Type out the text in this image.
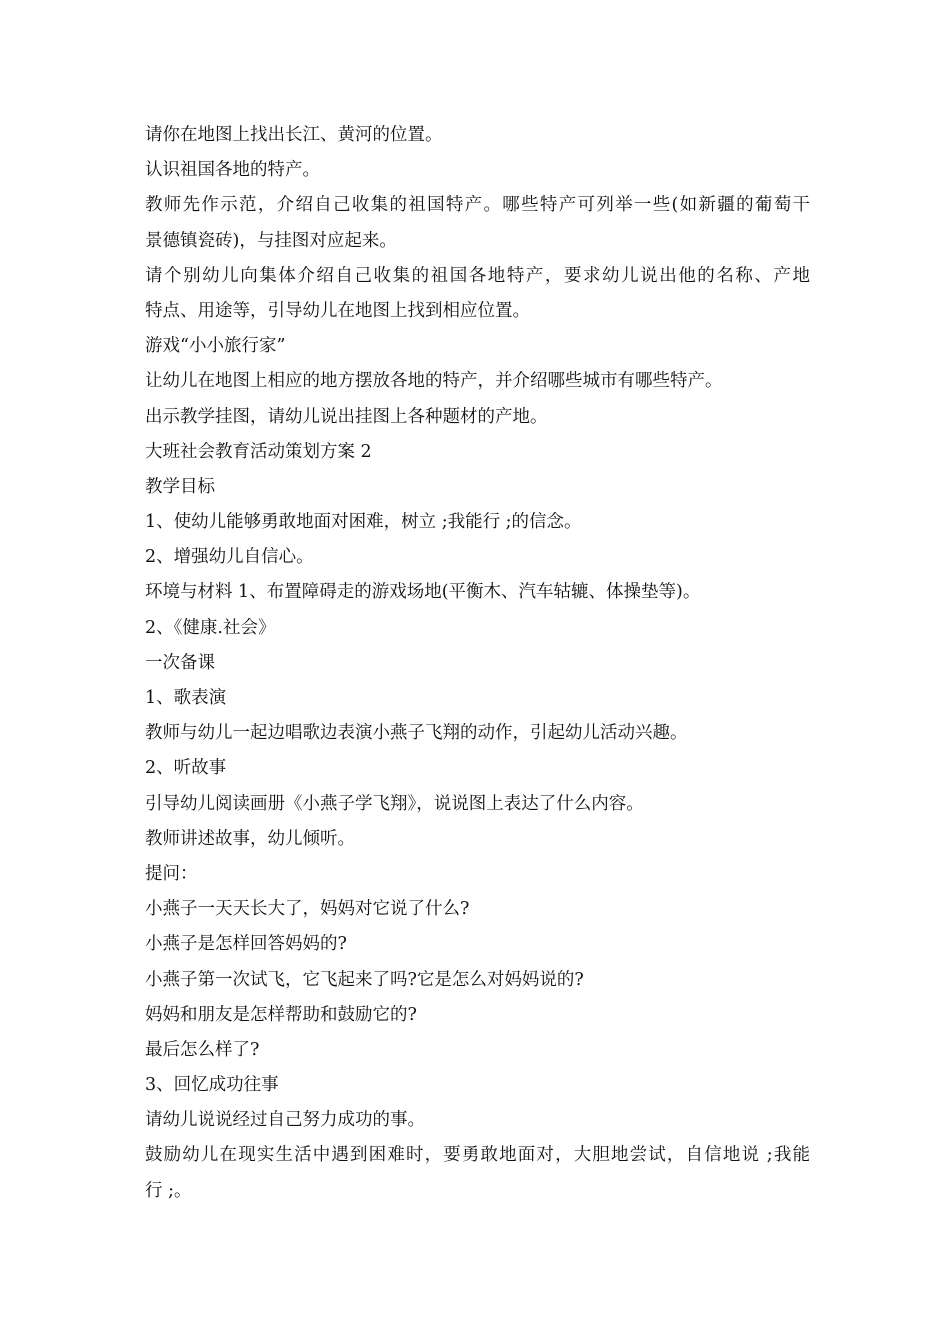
请你在地图上找出长江、黄河的位置。
认识祖国各地的特产。
教师先作示范，介绍自己收集的祖国特产。哪些特产可列举一些(如新疆的葡萄干
景德镇瓷砖)，与挂图对应起来。
请个别幼儿向集体介绍自己收集的祖国各地特产，要求幼儿说出他的名称、产地
特点、用途等，引导幼儿在地图上找到相应位置。
游戏“小小旅行家”
让幼儿在地图上相应的地方摆放各地的特产，并介绍哪些城市有哪些特产。
出示教学挂图，请幼儿说出挂图上各种题材的产地。
大班社会教育活动策划方案 2
教学目标
1、使幼儿能够勇敢地面对困难，树立 ;我能行 ;的信念。
2、增强幼儿自信心。
环境与材料 1、布置障碍走的游戏场地(平衡木、汽车轱辘、体操垫等)。
2、《健康.社会》
一次备课
1、歌表演
教师与幼儿一起边唱歌边表演小燕子飞翔的动作，引起幼儿活动兴趣。
2、听故事
引导幼儿阅读画册《小燕子学飞翔》，说说图上表达了什么内容。
教师讲述故事，幼儿倾听。
提问：
小燕子一天天长大了，妈妈对它说了什么?
小燕子是怎样回答妈妈的?
小燕子第一次试飞，它飞起来了吗?它是怎么对妈妈说的?
妈妈和朋友是怎样帮助和鼓励它的?
最后怎么样了?
3、回忆成功往事
请幼儿说说经过自己努力成功的事。
鼓励幼儿在现实生活中遇到困难时，要勇敢地面对，大胆地尝试，自信地说 ;我能
行 ;。
